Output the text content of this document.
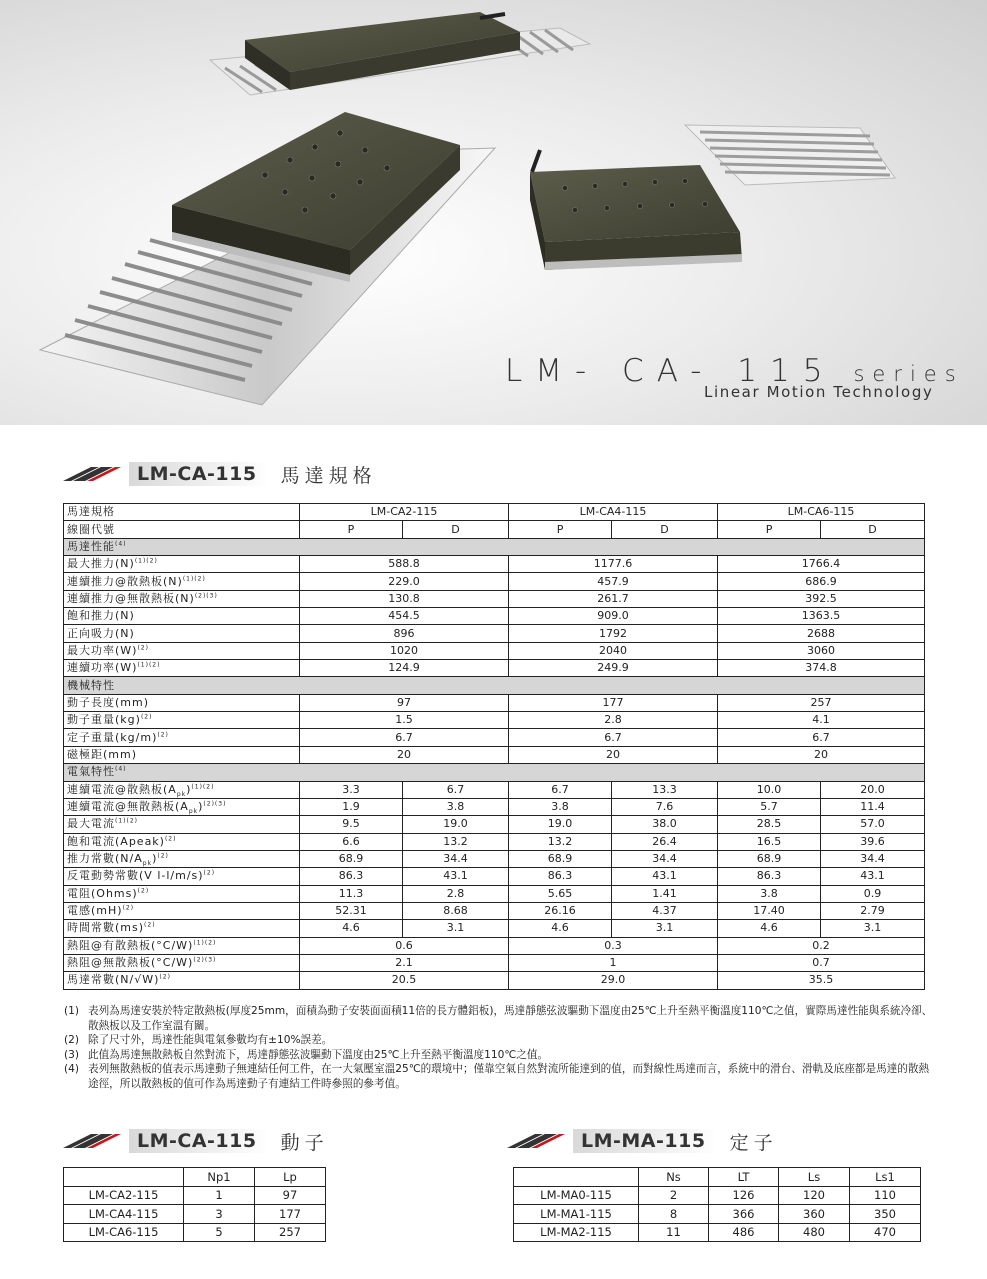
LM- CA- 115 series
Linear Motion Technology
LM-CA-115	馬達規格
馬達規格	LM-CA2-115		LM-CA4-115		LM-CA6-115	
線圈代號	P	D	P	D	P	D
馬達性能$^{(4)}$
最大推力$(N)^{(1)(2)}$	588.8		1177.6		1766.4	
連續推力@散熱板$(N)^{(1)(2)}$	229.0		457.9		686.9	
連續推力@無散熱板$(N)^{(2)(3)}$	130.8		261.7		392.5	
飽和推力(N)	454.5		909.0		1363.5	
正向吸力(N)	896		1792		2688	
最大功率$(W)^{(2)}$	1020		2040		3060	
連續功率$(W)^{(1)(2)}$	124.9		249.9		374.8	
機械特性						
動子長度(mm)	97		177		257	
動子重量(kg)$^{(2)}$	1.5		2.8		4.1	
定子重量$(kg/m)^{(2)}$	6.7		6.7		6.7	
磁極距(mm)	20		20		20	
電氣特性$^{(4)}$
連續電流@散熱板$(A_{pk})^{(1)(2)}$	3.3	6.7	6.7	13.3	10.0	20.0
連續電流@無散熱板$(A_{pk})^{(2)(3)}$	1.9	3.8	3.8	7.6	5.7	11.4
最大電流$^{(1)(2)}$	9.5	19.0	19.0	38.0	28.5	57.0
飽和電流(Apeak)$^{(2)}$	6.6	13.2	13.2	26.4	16.5	39.6
推力常數$(N/A_{pk})^{(2)}$	68.9	34.4	68.9	34.4	68.9	34.4
反電動勢常數(V l-l/m/s)$^{(2)}$	86.3	43.1	86.3	43.1	86.3	43.1
電阻(Ohms)$^{(2)}$	11.3	2.8	5.65	1.41	3.8	0.9
電感(mH)$^{(2)}$	52.31	8.68	26.16	4.37	17.40	2.79
時間常數(ms)$^{(2)}$	4.6	3.1	4.6	3.1	4.6	3.1
熱阻@有散熱板$(^\circ C/W)^{(1)(2)}$	0.6		0.3		0.2	
熱阻@無散熱板$(^\circ C/W)^{(2)(3)}$	2.1		1		0.7	
馬達常數$(N/√W)^{(2)}$	20.5		29.0		35.5	
(1) 表列為馬達安裝於特定散熱板(厚度25mm，面積為動子安裝面面積11倍的長方體鋁板)，馬達靜態弦波驅動下溫度由25℃上升至熱平衡溫度110℃之值，實際馬達性能與系統冷卻、散熱板以及工作室溫有關。
(2) 除了尺寸外，馬達性能與電氣參數均有±10%誤差。
(3) 此值為馬達無散熱板自然對流下，馬達靜態弦波驅動下溫度由25℃上升至熱平衡溫度110℃之值。
(4) 表列無散熱板的值表示馬達動子無連結任何工件，在一大氣壓室溫25℃的環境中；僅靠空氣自然對流所能達到的值，而對線性馬達而言，系統中的滑台、滑軌及底座都是馬達的散熱途徑，所以散熱板的值可作為馬達動子有連結工件時參照的參考值。
LM-CA-115	動子
	Np1	Lp
LM-CA2-115	1	97
LM-CA4-115	3	177
LM-CA6-115	5	257
LM-MA-115	定子
	Ns	LT	Ls	Ls1
LM-MA0-115	2	126	120	110
LM-MA1-115	8	366	360	350
LM-MA2-115	11	486	480	470
